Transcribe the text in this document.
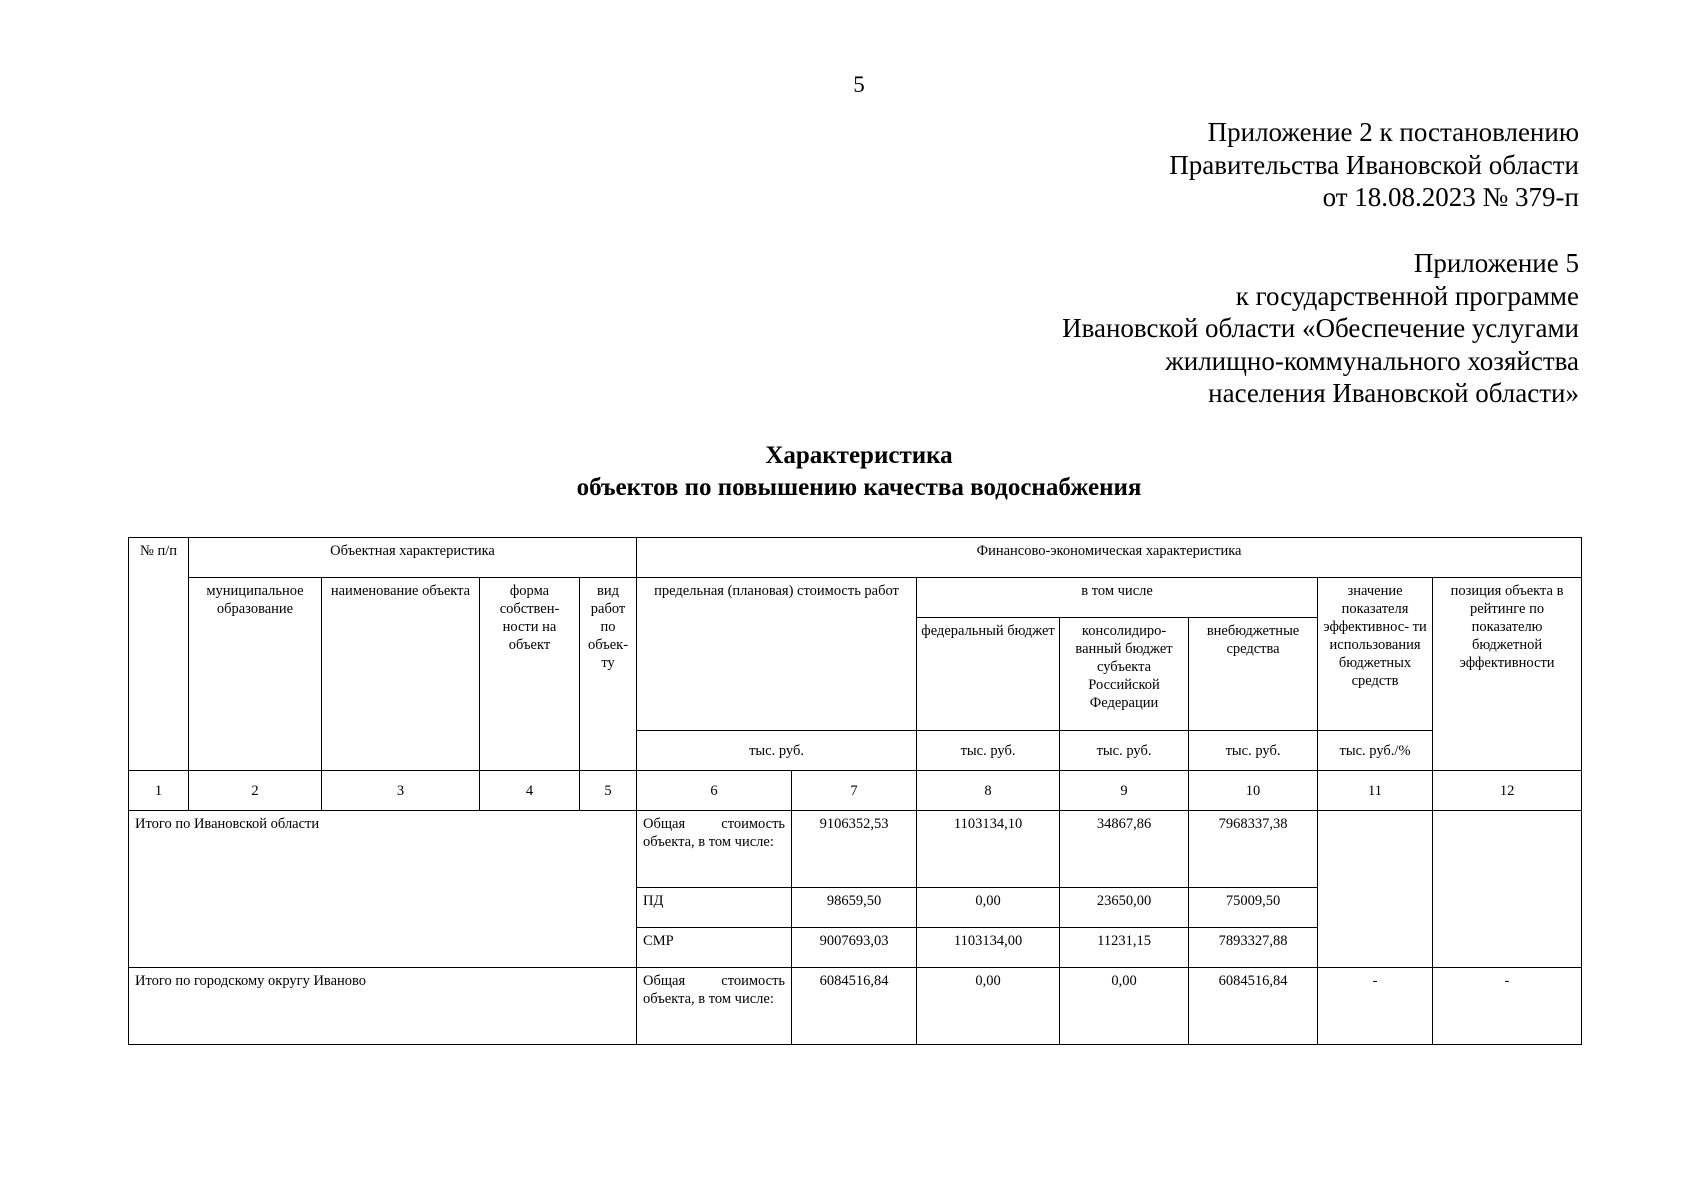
5
Приложение 2 к постановлению
Правительства Ивановской области
от 18.08.2023 № 379-п
Приложение 5
к государственной программе
Ивановской области «Обеспечение услугами
жилищно-коммунального хозяйства
населения Ивановской области»
Характеристика
объектов по повышению качества водоснабжения
№ п/п	Объектная характеристика				Финансово-экономическая характеристика						
	муниципальное образование	наименование объекта	форма собствен- ности на объект	вид работ по объек- ту	предельная (плановая) стоимость работ		в том числе			значение показателя эффективнос- ти использования бюджетных средств	позиция объекта в рейтинге по показателю бюджетной эффективности
							федеральный бюджет	консолидиро- ванный бюджет субъекта Российской Федерации	внебюджетные средства		
					тыс. руб.		тыс. руб.	тыс. руб.	тыс. руб.	тыс. руб./%	
1	2	3	4	5	6	7	8	9	10	11	12
Итого по Ивановской области					Общая стоимость объекта, в том числе:	9106352,53	1103134,10	34867,86	7968337,38		
					ПД	98659,50	0,00	23650,00	75009,50		
					СМР	9007693,03	1103134,00	11231,15	7893327,88		
Итого по городскому округу Иваново					Общая стоимость объекта, в том числе:	6084516,84	0,00	0,00	6084516,84	-	-
